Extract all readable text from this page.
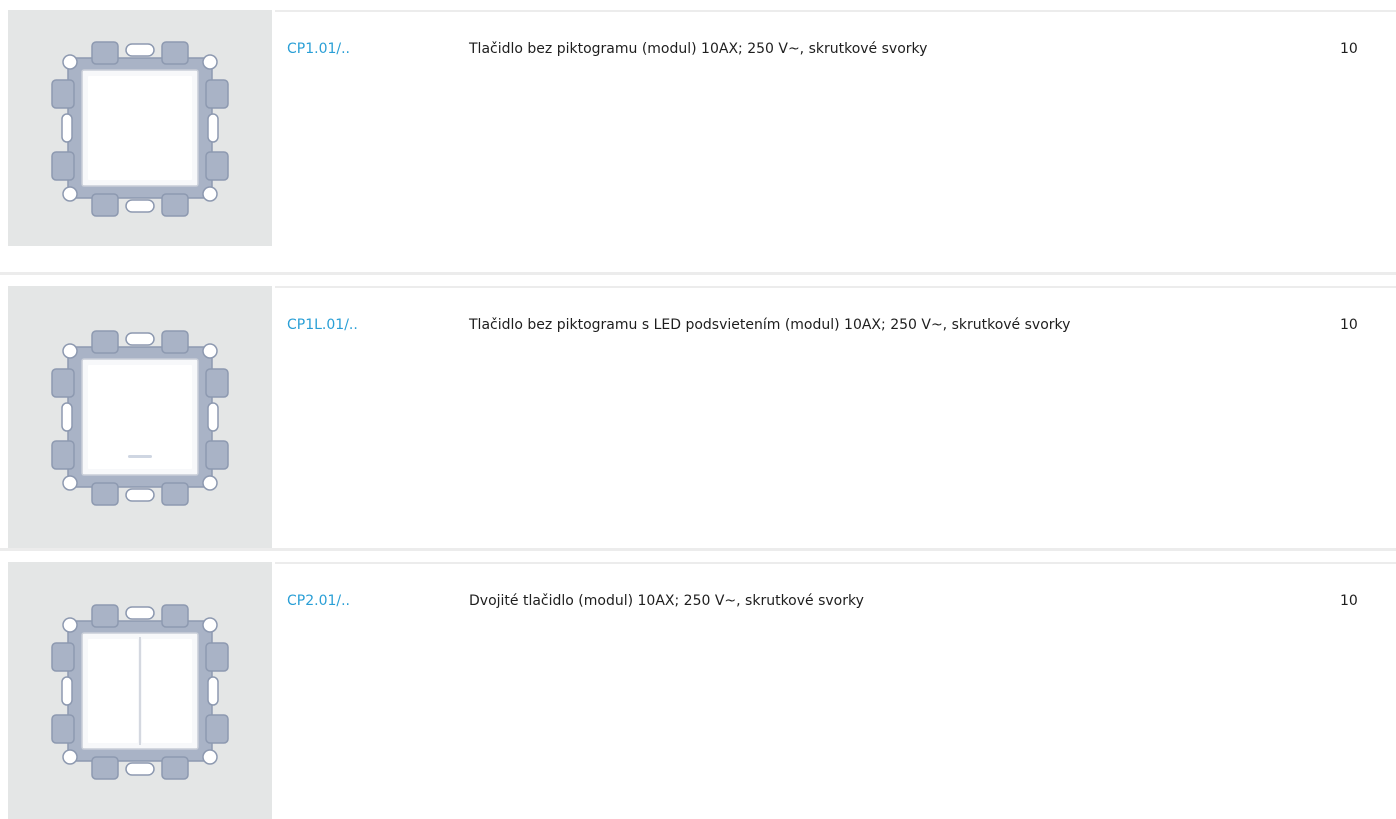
CP1.01/..	Tlačidlo bez piktogramu (modul) 10AX; 250 V~, skrutkové svorky	10
CP1L.01/..	Tlačidlo bez piktogramu s LED podsvietením (modul) 10AX; 250 V~, skrutkové svorky	10
CP2.01/..	Dvojité tlačidlo (modul) 10AX; 250 V~, skrutkové svorky	10
